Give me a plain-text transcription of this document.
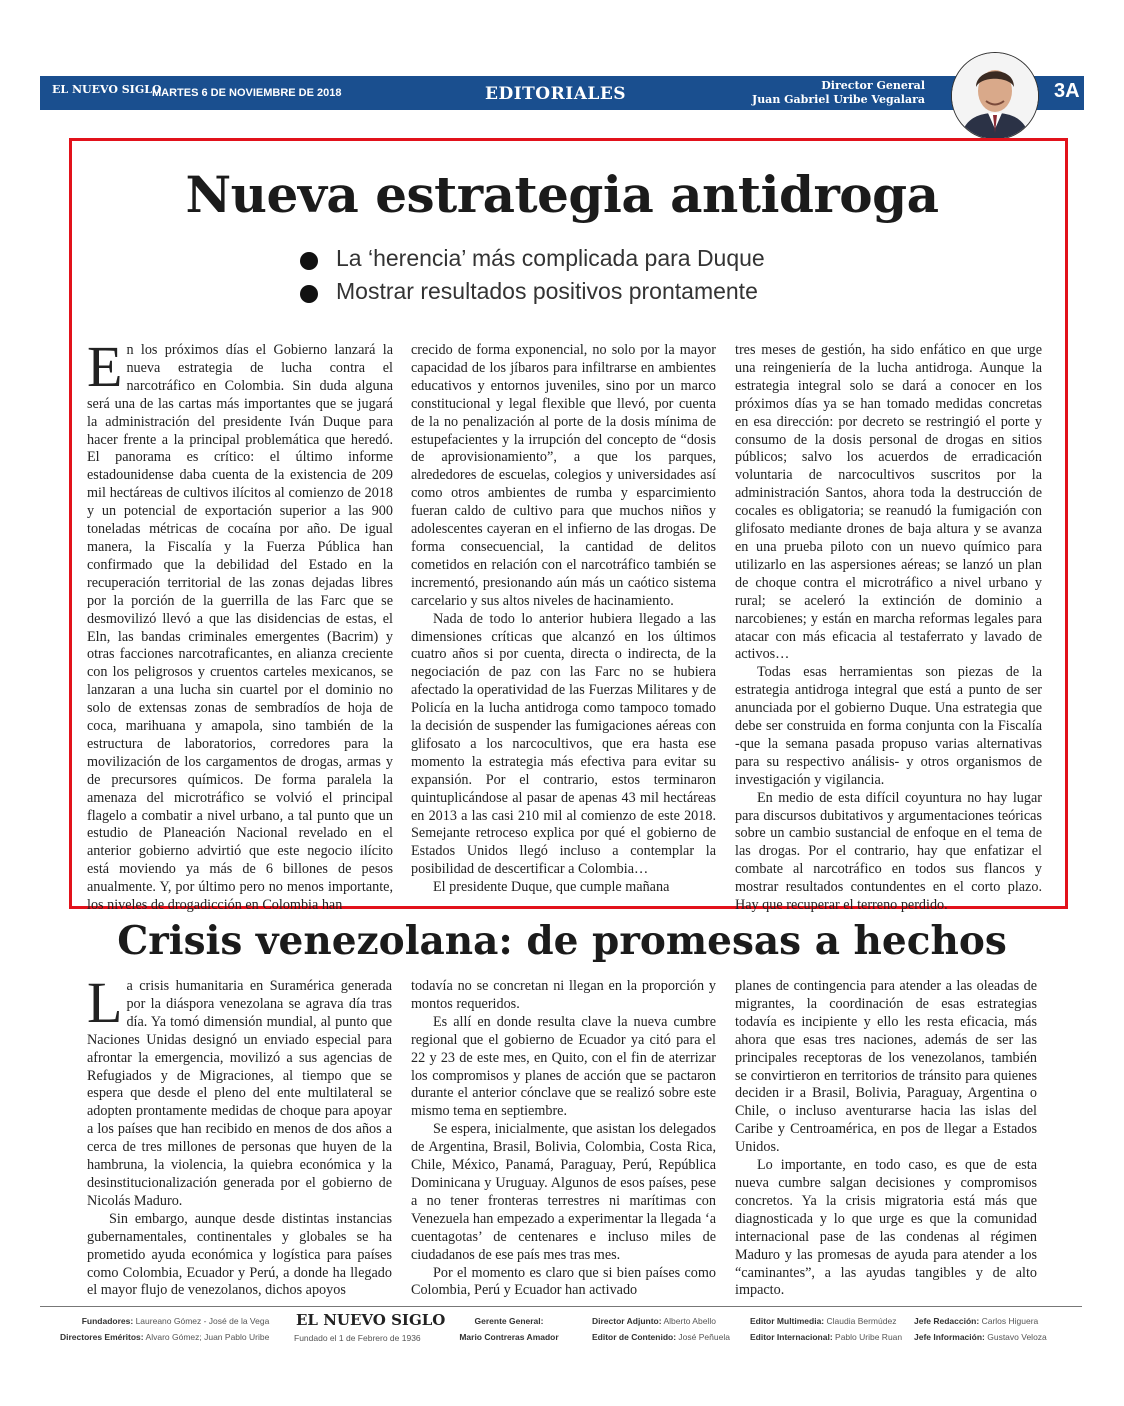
EL NUEVO SIGLO
MARTES 6 DE NOVIEMBRE DE 2018	EDITORIALES	Director General
Juan Gabriel Uribe Vegalara	3A
Nueva estrategia antidroga
La ‘herencia’ más complicada para Duque
Mostrar resultados positivos prontamente

En los próximos días el Gobierno lanzará la nueva estrategia de lucha contra el narcotráfico en Colombia. Sin duda alguna será una de las cartas más importantes que se jugará la administración del presidente Iván Duque para hacer frente a la principal problemática que heredó. El panorama es crítico: el último informe estadounidense daba cuenta de la existencia de 209 mil hectáreas de cultivos ilícitos al comienzo de 2018 y un potencial de exportación superior a las 900 toneladas métricas de cocaína por año. De igual manera, la Fiscalía y la Fuerza Pública han confirmado que la debilidad del Estado en la recuperación territorial de las zonas dejadas libres por la porción de la guerrilla de las Farc que se desmovilizó llevó a que las disidencias de estas, el Eln, las bandas criminales emergentes (Bacrim) y otras facciones narcotraficantes, en alianza creciente con los peligrosos y cruentos carteles mexicanos, se lanzaran a una lucha sin cuartel por el dominio no solo de extensas zonas de sembradíos de hoja de coca, marihuana y amapola, sino también de la estructura de laboratorios, corredores para la movilización de los cargamentos de drogas, armas y de precursores químicos. De forma paralela la amenaza del microtráfico se volvió el principal flagelo a combatir a nivel urbano, a tal punto que un estudio de Planeación Nacional revelado en el anterior gobierno advirtió que este negocio ilícito está moviendo ya más de 6 billones de pesos anualmente. Y, por último pero no menos importante, los niveles de drogadicción en Colombia han

crecido de forma exponencial, no solo por la mayor capacidad de los jíbaros para infiltrarse en ambientes educativos y entornos juveniles, sino por un marco constitucional y legal flexible que llevó, por cuenta de la no penalización al porte de la dosis mínima de estupefacientes y la irrupción del concepto de “dosis de aprovisionamiento”, a que los parques, alrededores de escuelas, colegios y universidades así como otros ambientes de rumba y esparcimiento fueran caldo de cultivo para que muchos niños y adolescentes cayeran en el infierno de las drogas. De forma consecuencial, la cantidad de delitos cometidos en relación con el narcotráfico también se incrementó, presionando aún más un caótico sistema carcelario y sus altos niveles de hacinamiento.

Nada de todo lo anterior hubiera llegado a las dimensiones críticas que alcanzó en los últimos cuatro años si por cuenta, directa o indirecta, de la negociación de paz con las Farc no se hubiera afectado la operatividad de las Fuerzas Militares y de Policía en la lucha antidroga como tampoco tomado la decisión de suspender las fumigaciones aéreas con glifosato a los narcocultivos, que era hasta ese momento la estrategia más efectiva para evitar su expansión. Por el contrario, estos terminaron quintuplicándose al pasar de apenas 43 mil hectáreas en 2013 a las casi 210 mil al comienzo de este 2018. Semejante retroceso explica por qué el gobierno de Estados Unidos llegó incluso a contemplar la posibilidad de descertificar a Colombia…

El presidente Duque, que cumple mañana

tres meses de gestión, ha sido enfático en que urge una reingeniería de la lucha antidroga. Aunque la estrategia integral solo se dará a conocer en los próximos días ya se han tomado medidas concretas en esa dirección: por decreto se restringió el porte y consumo de la dosis personal de drogas en sitios públicos; salvo los acuerdos de erradicación voluntaria de narcocultivos suscritos por la administración Santos, ahora toda la destrucción de cocales es obligatoria; se reanudó la fumigación con glifosato mediante drones de baja altura y se avanza en una prueba piloto con un nuevo químico para utilizarlo en las aspersiones aéreas; se lanzó un plan de choque contra el microtráfico a nivel urbano y rural; se aceleró la extinción de dominio a narcobienes; y están en marcha reformas legales para atacar con más eficacia al testaferrato y lavado de activos…

Todas esas herramientas son piezas de la estrategia antidroga integral que está a punto de ser anunciada por el gobierno Duque. Una estrategia que debe ser construida en forma conjunta con la Fiscalía -que la semana pasada propuso varias alternativas para su respectivo análisis- y otros organismos de investigación y vigilancia.

En medio de esta difícil coyuntura no hay lugar para discursos dubitativos y argumentaciones teóricas sobre un cambio sustancial de enfoque en el tema de las drogas. Por el contrario, hay que enfatizar el combate al narcotráfico en todos sus flancos y mostrar resultados contundentes en el corto plazo. Hay que recuperar el terreno perdido.

Crisis venezolana: de promesas a hechos

La crisis humanitaria en Suramérica generada por la diáspora venezolana se agrava día tras día. Ya tomó dimensión mundial, al punto que Naciones Unidas designó un enviado especial para afrontar la emergencia, movilizó a sus agencias de Refugiados y de Migraciones, al tiempo que se espera que desde el pleno del ente multilateral se adopten prontamente medidas de choque para apoyar a los países que han recibido en menos de dos años a cerca de tres millones de personas que huyen de la hambruna, la violencia, la quiebra económica y la desinstitucionalización generada por el gobierno de Nicolás Maduro.

Sin embargo, aunque desde distintas instancias gubernamentales, continentales y globales se ha prometido ayuda económica y logística para países como Colombia, Ecuador y Perú, a donde ha llegado el mayor flujo de venezolanos, dichos apoyos

todavía no se concretan ni llegan en la proporción y montos requeridos.

Es allí en donde resulta clave la nueva cumbre regional que el gobierno de Ecuador ya citó para el 22 y 23 de este mes, en Quito, con el fin de aterrizar los compromisos y planes de acción que se pactaron durante el anterior cónclave que se realizó sobre este mismo tema en septiembre.

Se espera, inicialmente, que asistan los delegados de Argentina, Brasil, Bolivia, Colombia, Costa Rica, Chile, México, Panamá, Paraguay, Perú, República Dominicana y Uruguay. Algunos de esos países, pese a no tener fronteras terrestres ni marítimas con Venezuela han empezado a experimentar la llegada ‘a cuentagotas’ de centenares e incluso miles de ciudadanos de ese país mes tras mes.

Por el momento es claro que si bien países como Colombia, Perú y Ecuador han activado

planes de contingencia para atender a las oleadas de migrantes, la coordinación de esas estrategias todavía es incipiente y ello les resta eficacia, más ahora que esas tres naciones, además de ser las principales receptoras de los venezolanos, también se convirtieron en territorios de tránsito para quienes deciden ir a Brasil, Bolivia, Paraguay, Argentina o Chile, o incluso aventurarse hacia las islas del Caribe y Centroamérica, en pos de llegar a Estados Unidos.

Lo importante, en todo caso, es que de esta nueva cumbre salgan decisiones y compromisos concretos. Ya la crisis migratoria está más que diagnosticada y lo que urge es que la comunidad internacional pase de las condenas al régimen Maduro y las promesas de ayuda para atender a los “caminantes”, a las ayudas tangibles y de alto impacto.

Fundadores: Laureano Gómez - José de la Vega
Directores Eméritos: Alvaro Gómez; Juan Pablo Uribe
EL NUEVO SIGLO
Fundado el 1 de Febrero de 1936
Gerente General:
Mario Contreras Amador
Director Adjunto: Alberto Abello
Editor de Contenido: José Peñuela
Editor Multimedia: Claudia Bermúdez
Editor Internacional: Pablo Uribe Ruan
Jefe Redacción: Carlos Higuera
Jefe Información: Gustavo Veloza
